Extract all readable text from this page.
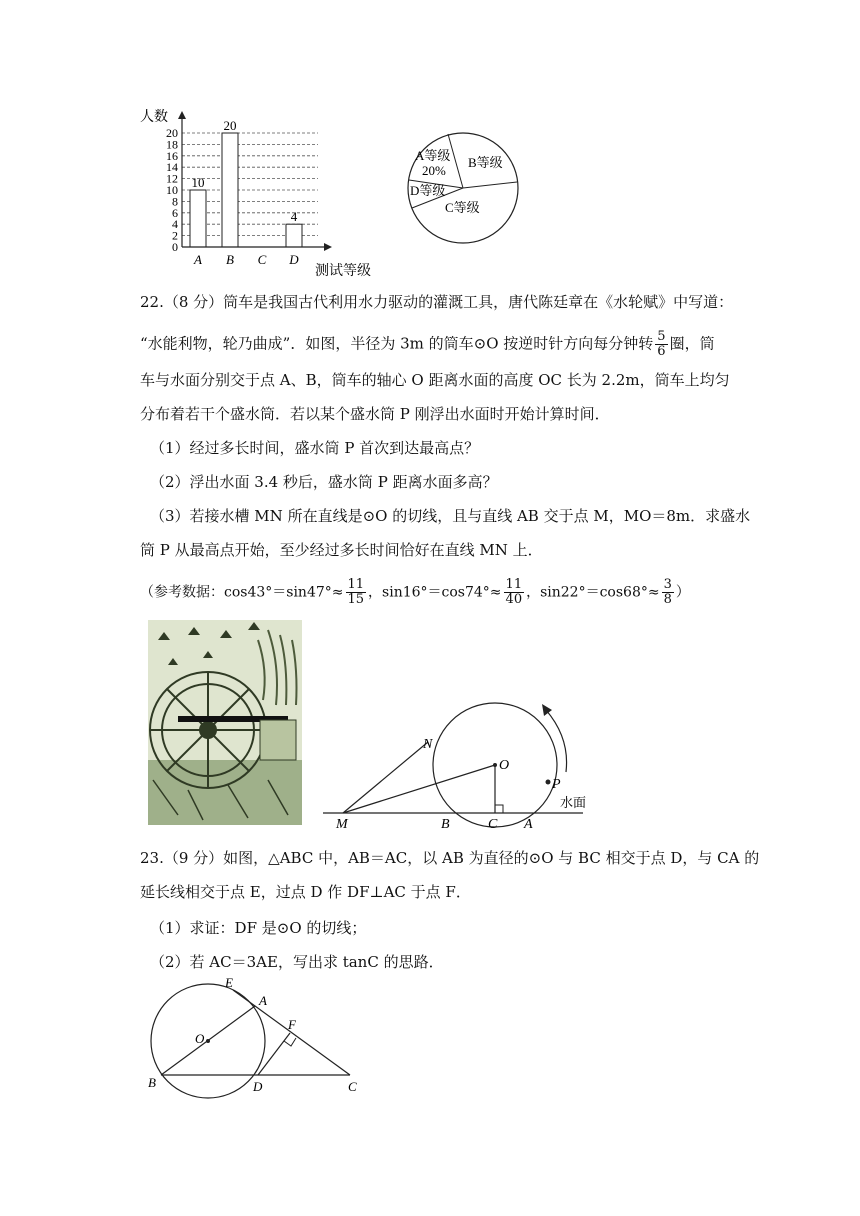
0
2
4
6
8
10
12
14
16
18
20
10
A
20
B C
4
D
人数
测试等级
A等级
20%
B等级
D等级
C等级
22.（8 分）筒车是我国古代利用水力驱动的灌溉工具，唐代陈廷章在《水轮赋》中写道：
“水能利物，轮乃曲成”．如图，半径为 3m 的筒车⊙O 按逆时针方向每分钟转 $\frac{5}{6}$ 圈，筒
车与水面分别交于点 A、B，筒车的轴心 O 距离水面的高度 OC 长为 2.2m，筒车上均匀
分布着若干个盛水筒．若以某个盛水筒 P 刚浮出水面时开始计算时间．
（1）经过多长时间，盛水筒 P 首次到达最高点？
（2）浮出水面 3.4 秒后，盛水筒 P 距离水面多高？
（3）若接水槽 MN 所在直线是⊙O 的切线，且与直线 AB 交于点 M，MO＝8m．求盛水
筒 P 从最高点开始，至少经过多长时间恰好在直线 MN 上．
（参考数据：$\cos 43^\circ=\sin 47^\circ\approx \frac{11}{15}$ ，$\sin 16^\circ=\cos 74^\circ\approx \frac{11}{40}$ ，$\sin 22^\circ=\cos 68^\circ\approx \frac{3}{8}$ ）
N
O
P
M	B	C A
水面
23.（9 分）如图，△ABC 中，AB＝AC，以 AB 为直径的⊙O 与 BC 相交于点 D，与 CA 的
延长线相交于点 E，过点 D 作 DF⊥AC 于点 F．
（1）求证：DF 是⊙O 的切线；
（2）若 AC＝3AE，写出求 tanC 的思路．
E
A
F
O
B	D	C
